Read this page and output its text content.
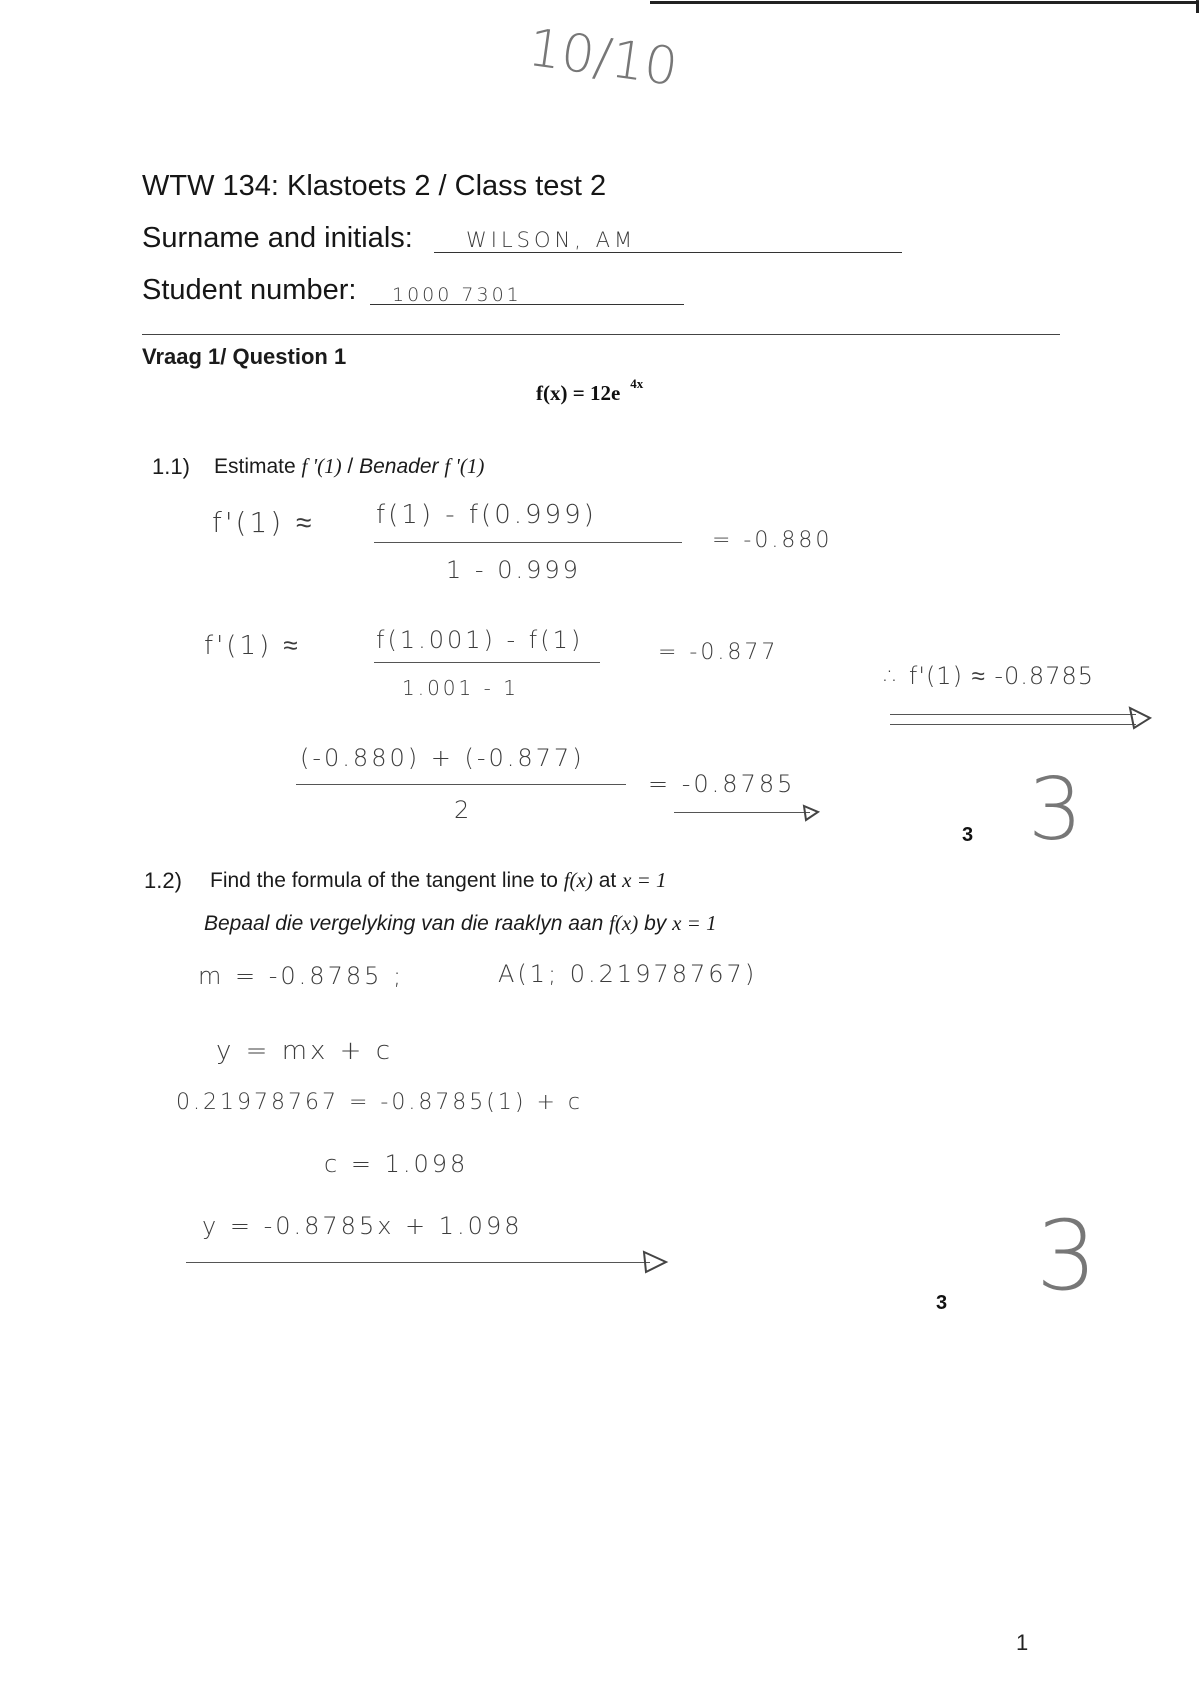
10/10
WTW 134: Klastoets 2 / Class test 2
Surname and initials:	WILSON, AM
Student number: 1000 7301
Vraag 1/ Question 1
f(x) = 12e $^{4x}$
1.1) Estimate f '(1) / Benader f '(1)
f'(1) ≈ f(1) - f(0.999)
1 - 0.999
= -0.880
f'(1) ≈	f(1.001) - f(1)
1.001 - 1
= -0.877
∴ f'(1) ≈ -0.8785
(-0.880) + (-0.877)
2
= -0.8785
3 3
1.2) Find the formula of the tangent line to f(x) at x = 1
Bepaal die vergelyking van die raaklyn aan f(x) by x = 1
m = -0.8785 ;	A(1; 0.21978767)
y = mx + c
0.21978767 = -0.8785(1) + c
c = 1.098
y = -0.8785x + 1.098
3 3
1
